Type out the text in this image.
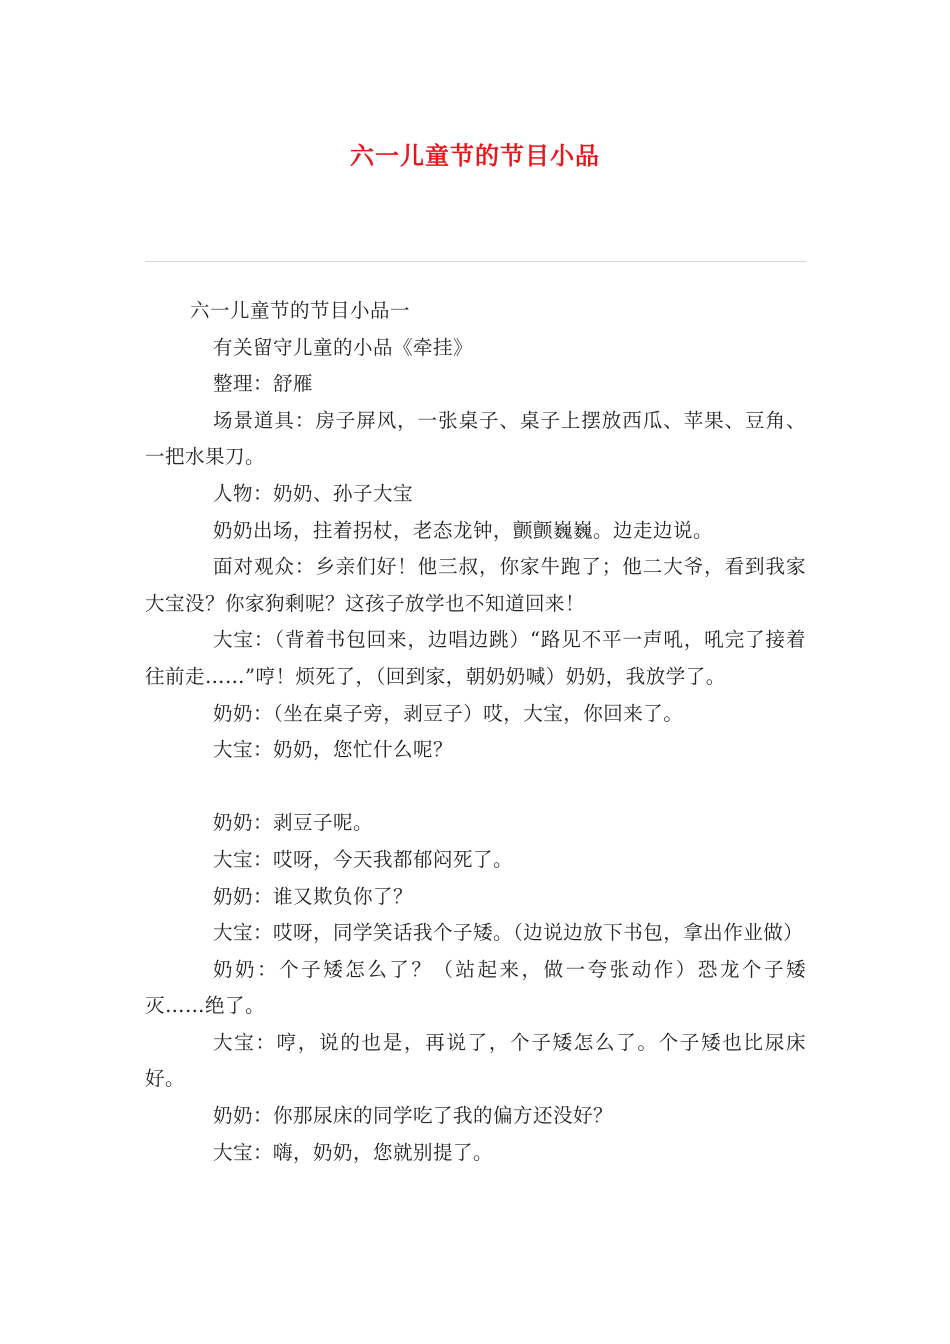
六一儿童节的节目小品

六一儿童节的节目小品一

有关留守儿童的小品《牵挂》

整理：舒雁

场景道具：房子屏风，一张桌子、桌子上摆放西瓜、苹果、豆角、一把水果刀。

人物：奶奶、孙子大宝

奶奶出场，拄着拐杖，老态龙钟，颤颤巍巍。边走边说。

面对观众：乡亲们好！他三叔，你家牛跑了；他二大爷，看到我家大宝没？你家狗剩呢？这孩子放学也不知道回来！

大宝：（背着书包回来，边唱边跳）“路见不平一声吼，吼完了接着往前走……”哼！烦死了，（回到家，朝奶奶喊）奶奶，我放学了。

奶奶：（坐在桌子旁，剥豆子）哎，大宝，你回来了。

大宝：奶奶，您忙什么呢？

奶奶：剥豆子呢。

大宝：哎呀，今天我都郁闷死了。

奶奶：谁又欺负你了？

大宝：哎呀，同学笑话我个子矮。（边说边放下书包，拿出作业做）

奶奶：个子矮怎么了？（站起来，做一夸张动作）恐龙个子矮灭……绝了。

大宝：哼，说的也是，再说了，个子矮怎么了。个子矮也比尿床好。

奶奶：你那尿床的同学吃了我的偏方还没好？

大宝：嗨，奶奶，您就别提了。
